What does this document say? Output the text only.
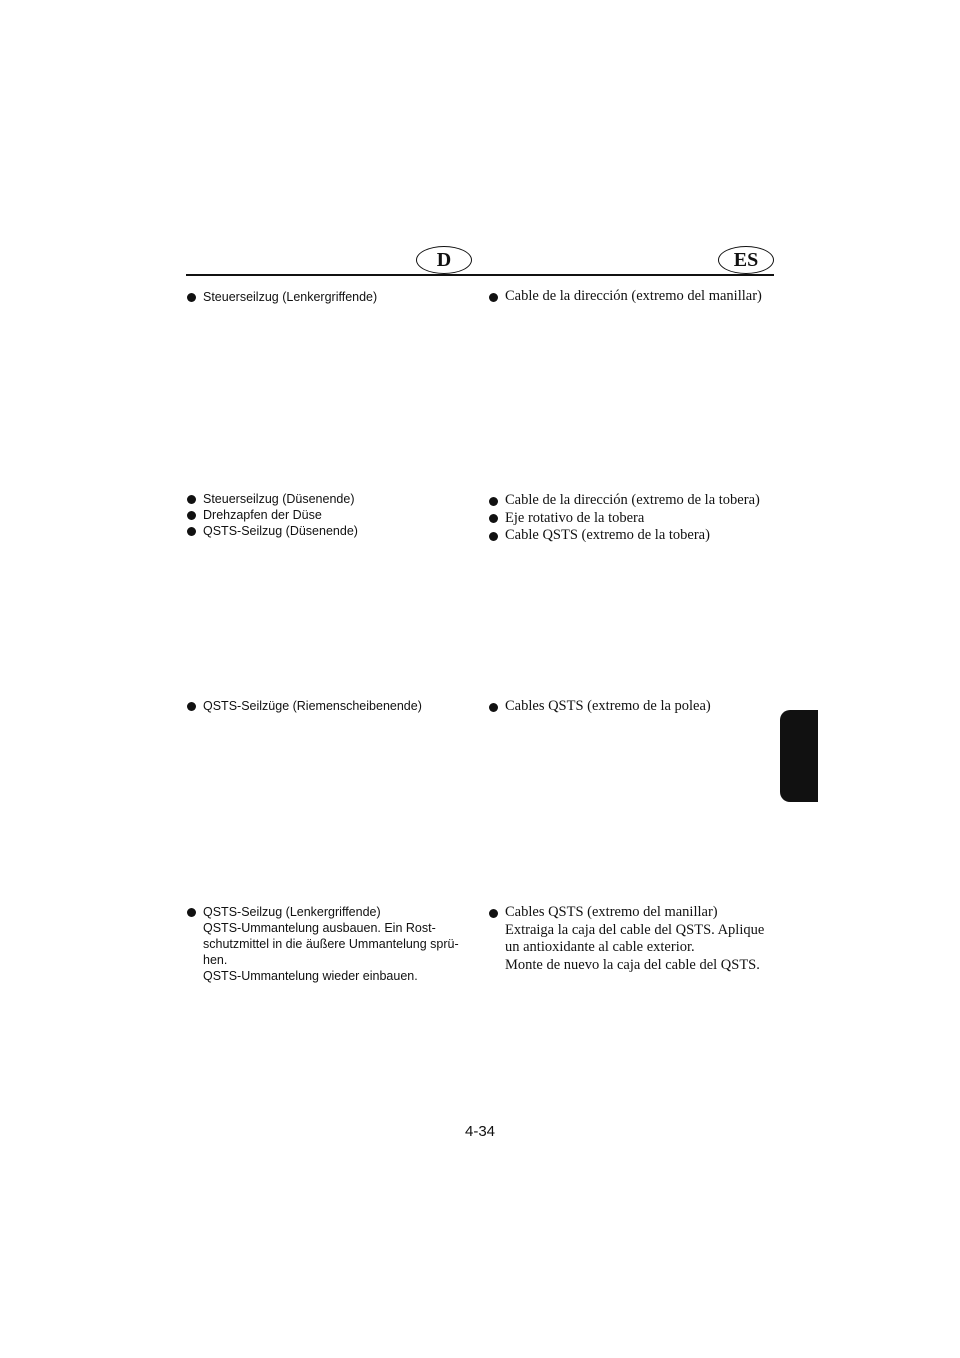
D	ES
Steuerseilzug (Lenkergriffende)	Cable de la dirección (extremo del manillar)
Steuerseilzug (Düsenende)
Drehzapfen der Düse
QSTS-Seilzug (Düsenende)
Cable de la dirección (extremo de la tobera)
Eje rotativo de la tobera
Cable QSTS (extremo de la tobera)
QSTS-Seilzüge (Riemenscheibenende)	Cables QSTS (extremo de la polea)
QSTS-Seilzug (Lenkergriffende)
QSTS-Ummantelung ausbauen. Ein Rost-
schutzmittel in die äußere Ummantelung sprü-
hen.
QSTS-Ummantelung wieder einbauen.
Cables QSTS (extremo del manillar)
Extraiga la caja del cable del QSTS. Aplique
un antioxidante al cable exterior.
Monte de nuevo la caja del cable del QSTS.
4-34
